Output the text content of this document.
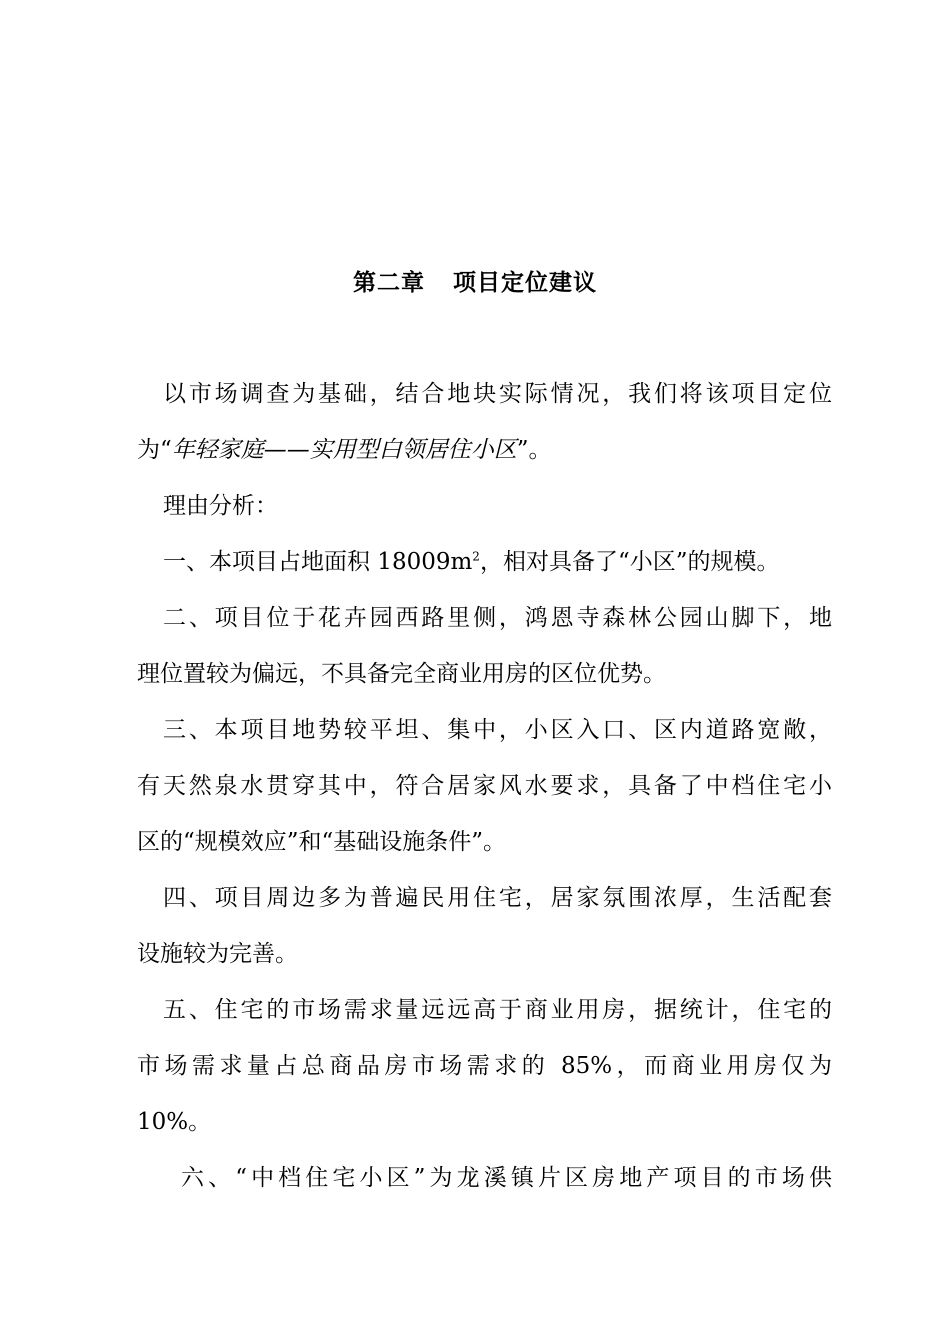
第二章 项目定位建议
以市场调查为基础，结合地块实际情况，我们将该项目定位
为“年轻家庭——实用型白领居住小区”。
理由分析：
一、本项目占地面积 $18009m^2$，相对具备了“小区”的规模。
二、项目位于花卉园西路里侧，鸿恩寺森林公园山脚下，地
理位置较为偏远，不具备完全商业用房的区位优势。
三、本项目地势较平坦、集中，小区入口、区内道路宽敞，
有天然泉水贯穿其中，符合居家风水要求，具备了中档住宅小
区的“规模效应”和“基础设施条件”。
四、项目周边多为普遍民用住宅，居家氛围浓厚，生活配套
设施较为完善。
五、住宅的市场需求量远远高于商业用房，据统计，住宅的
市场需求量占总商品房市场需求的 85%，而商业用房仅为
10%。
六、“中档住宅小区”为龙溪镇片区房地产项目的市场供
